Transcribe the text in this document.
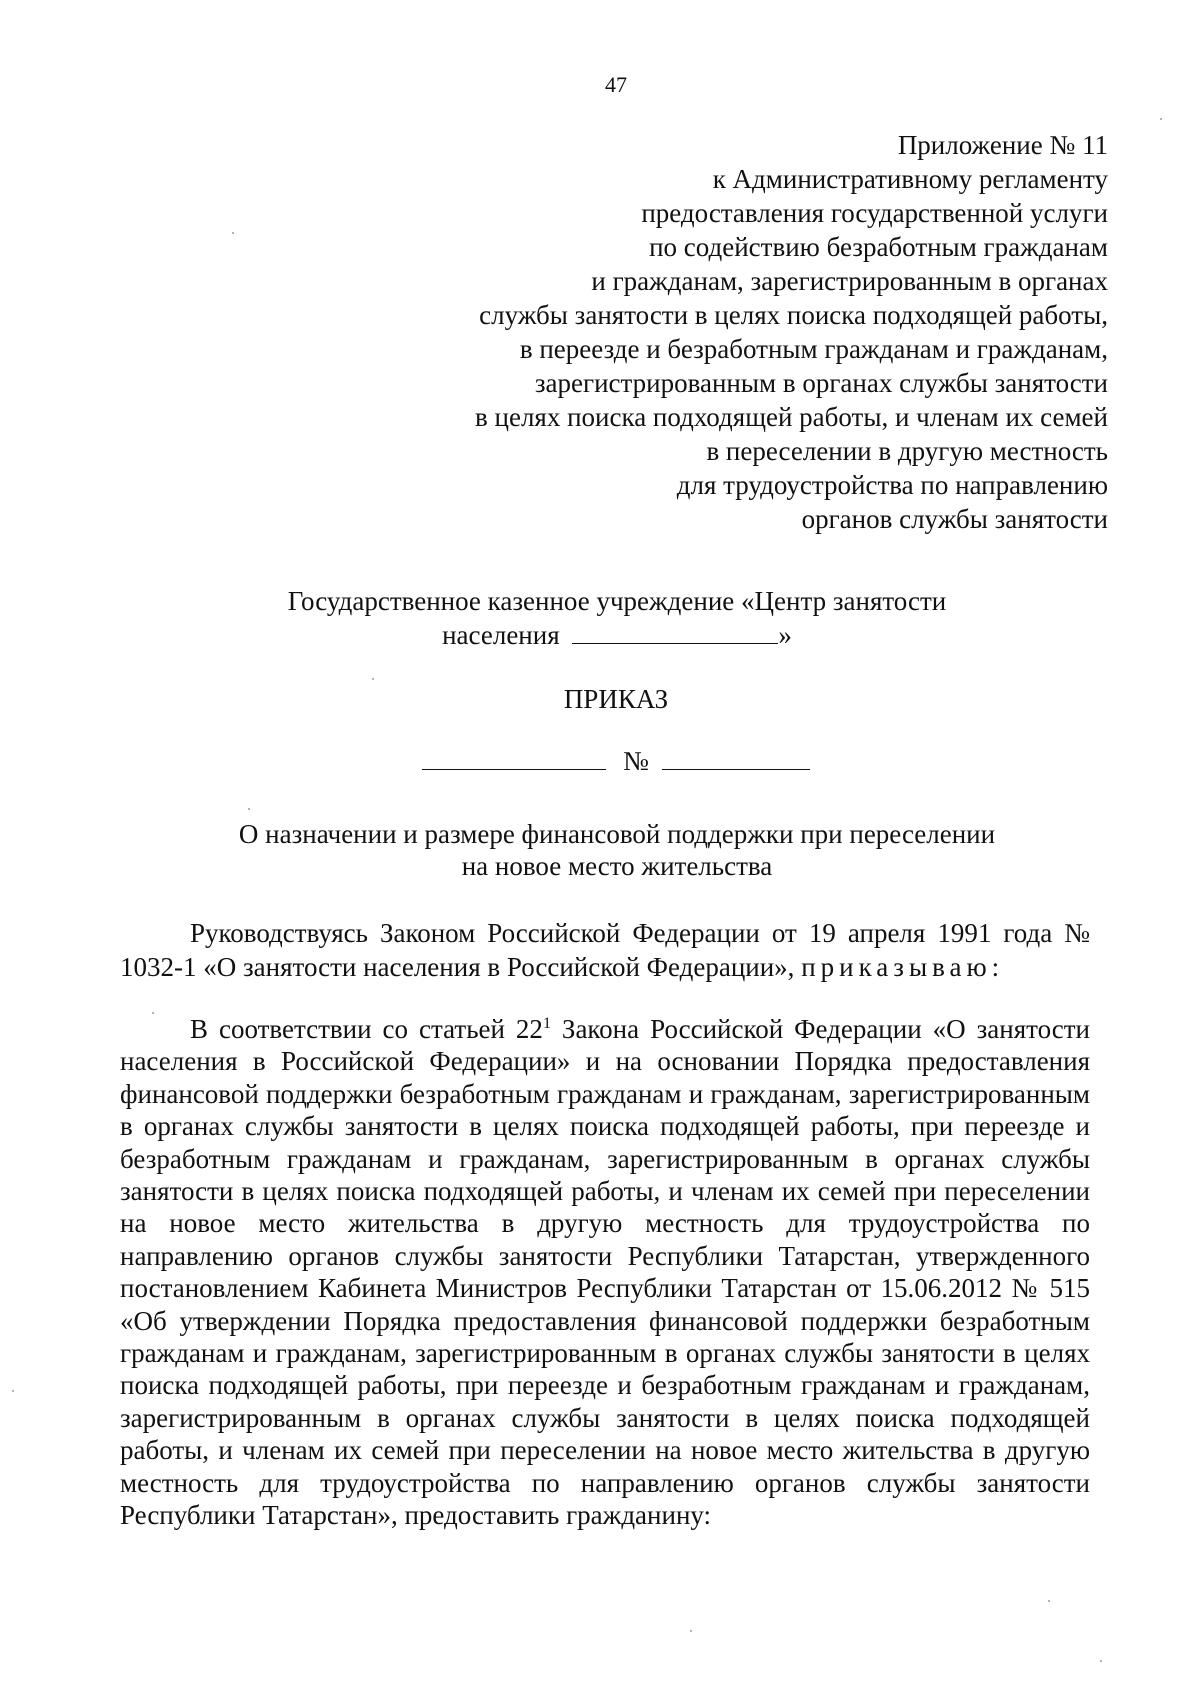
47
Приложение № 11
к Административному регламенту
предоставления государственной услуги
по содействию безработным гражданам
и гражданам, зарегистрированным в органах
службы занятости в целях поиска подходящей работы,
в переезде и безработным гражданам и гражданам,
зарегистрированным в органах службы занятости
в целях поиска подходящей работы, и членам их семей
в переселении в другую местность
для трудоустройства по направлению
органов службы занятости
Государственное казенное учреждение «Центр занятости
населения	»
ПРИКАЗ
№
О назначении и размере финансовой поддержки при переселении
на новое место жительства
Руководствуясь Законом Российской Федерации от 19 апреля 1991 года № 1032-1 «О занятости населения в Российской Федерации», приказываю:
В соответствии со статьей $22^1$ Закона Российской Федерации «О занятости населения в Российской Федерации» и на основании Порядка предоставления финансовой поддержки безработным гражданам и гражданам, зарегистрированным в органах службы занятости в целях поиска подходящей работы, при переезде и безработным гражданам и гражданам, зарегистрированным в органах службы занятости в целях поиска подходящей работы, и членам их семей при переселении на новое место жительства в другую местность для трудоустройства по направлению органов службы занятости Республики Татарстан, утвержденного постановлением Кабинета Министров Республики Татарстан от 15.06.2012 № 515 «Об утверждении Порядка предоставления финансовой поддержки безработным гражданам и гражданам, зарегистрированным в органах службы занятости в целях поиска подходящей работы, при переезде и безработным гражданам и гражданам, зарегистрированным в органах службы занятости в целях поиска подходящей работы, и членам их семей при переселении на новое место жительства в другую местность для трудоустройства по направлению органов службы занятости Республики Татарстан», предоставить гражданину:
